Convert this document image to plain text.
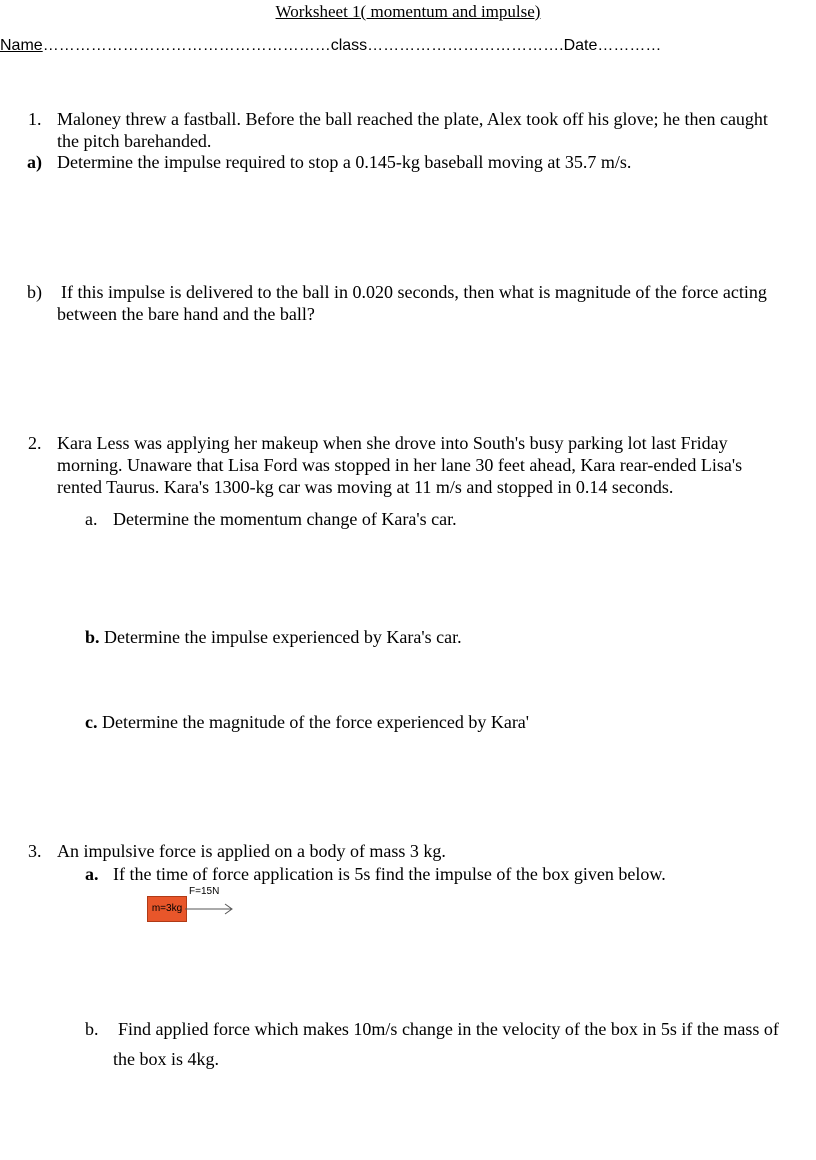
Worksheet 1( momentum and impulse)
Name………………………………………………class……………………………….Date…………
1. Maloney threw a fastball. Before the ball reached the plate, Alex took off his glove; he then caught
the pitch barehanded.
a) Determine the impulse required to stop a 0.145-kg baseball moving at 35.7 m/s.
b) If this impulse is delivered to the ball in 0.020 seconds, then what is magnitude of the force acting
between the bare hand and the ball?
2. Kara Less was applying her makeup when she drove into South's busy parking lot last Friday
morning. Unaware that Lisa Ford was stopped in her lane 30 feet ahead, Kara rear-ended Lisa's
rented Taurus. Kara's 1300-kg car was moving at 11 m/s and stopped in 0.14 seconds.
a. Determine the momentum change of Kara's car.
b. Determine the impulse experienced by Kara's car.
c. Determine the magnitude of the force experienced by Kara'
3. An impulsive force is applied on a body of mass 3 kg.
a. If the time of force application is 5s find the impulse of the box given below.
F=15N
m=3kg
b. Find applied force which makes 10m/s change in the velocity of the box in 5s if the mass of
the box is 4kg.
